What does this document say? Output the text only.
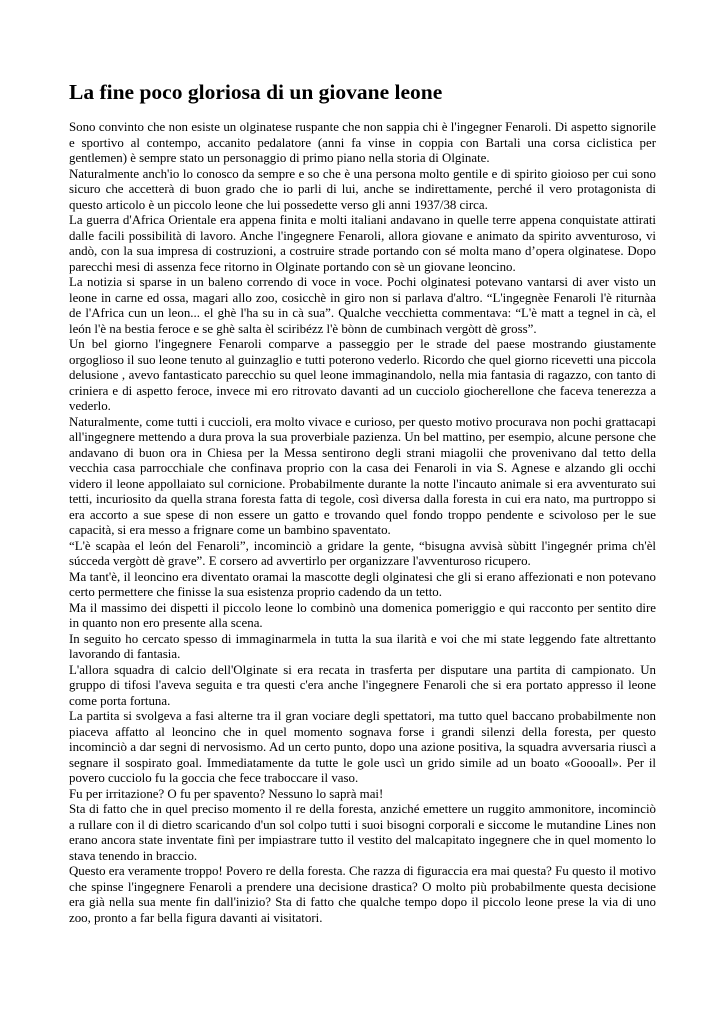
La fine poco gloriosa di un giovane leone

Sono convinto che non esiste un olginatese ruspante che non sappia chi è l'ingegner Fenaroli. Di aspetto signorile e sportivo al contempo, accanito pedalatore (anni fa vinse in coppia con Bartali una corsa ciclistica per gentlemen) è sempre stato un personaggio di primo piano nella storia di Olginate.

Naturalmente anch'io lo conosco da sempre e so che è una persona molto gentile e di spirito gioioso per cui sono sicuro che accetterà di buon grado che io parli di lui, anche se indirettamente, perché il vero protagonista di questo articolo è un piccolo leone che lui possedette verso gli anni 1937/38 circa.

La guerra d'Africa Orientale era appena finita e molti italiani andavano in quelle terre appena conquistate attirati dalle facili possibilità di lavoro. Anche l'ingegnere Fenaroli, allora giovane e animato da spirito avventuroso, vi andò, con la sua impresa di costruzioni, a costruire strade portando con sé molta mano d’opera olginatese. Dopo parecchi mesi di assenza fece ritorno in Olginate portando con sè un giovane leoncino.

La notizia si sparse in un baleno correndo di voce in voce. Pochi olginatesi potevano vantarsi di aver visto un leone in carne ed ossa, magari allo zoo, cosicchè in giro non si parlava d'altro. “L'ingegnèe Fenaroli l'è riturnàa de l'Africa cun un leon... el ghè l'ha su in cà sua”. Qualche vecchietta commentava: “L'è matt a tegnel in cà, el león l'è na bestia feroce e se ghè salta èl sciribézz l'è bònn de cumbinach vergòtt dè gross”.

Un bel giorno l'ingegnere Fenaroli comparve a passeggio per le strade del paese mostrando giustamente orgoglioso il suo leone tenuto al guinzaglio e tutti poterono vederlo. Ricordo che quel giorno ricevetti una piccola delusione , avevo fantasticato parecchio su quel leone immaginandolo, nella mia fantasia di ragazzo, con tanto di criniera e di aspetto feroce, invece mi ero ritrovato davanti ad un cucciolo giocherellone che faceva tenerezza a vederlo.

Naturalmente, come tutti i cuccioli, era molto vivace e curioso, per questo motivo procurava non pochi grattacapi all'ingegnere mettendo a dura prova la sua proverbiale pazienza. Un bel mattino, per esempio, alcune persone che andavano di buon ora in Chiesa per la Messa sentirono degli strani miagolii che provenivano dal tetto della vecchia casa parrocchiale che confinava proprio con la casa dei Fenaroli in via S. Agnese e alzando gli occhi videro il leone appollaiato sul cornicione. Probabilmente durante la notte l'incauto animale si era avventurato sui tetti, incuriosito da quella strana foresta fatta di tegole, così diversa dalla foresta in cui era nato, ma purtroppo si era accorto a sue spese di non essere un gatto e trovando quel fondo troppo pendente e scivoloso per le sue capacità, si era messo a frignare come un bambino spaventato.

“L'è scapàa el león del Fenaroli”, incominciò a gridare la gente, “bisugna avvisà sùbitt l'ingegnér prima ch'èl súcceda vergòtt dè grave”. E corsero ad avvertirlo per organizzare l'avventuroso ricupero.

Ma tant'è, il leoncino era diventato oramai la mascotte degli olginatesi che gli si erano affezionati e non potevano certo permettere che finisse la sua esistenza proprio cadendo da un tetto.

Ma il massimo dei dispetti il piccolo leone lo combinò una domenica pomeriggio e qui racconto per sentito dire in quanto non ero presente alla scena.

In seguito ho cercato spesso di immaginarmela in tutta la sua ilarità e voi che mi state leggendo fate altrettanto lavorando di fantasia.

L'allora squadra di calcio dell'Olginate si era recata in trasferta per disputare una partita di campionato. Un gruppo di tifosi l'aveva seguita e tra questi c'era anche l'ingegnere Fenaroli che si era portato appresso il leone come porta fortuna.

La partita si svolgeva a fasi alterne tra il gran vociare degli spettatori, ma tutto quel baccano probabilmente non piaceva affatto al leoncino che in quel momento sognava forse i grandi silenzi della foresta, per questo incominciò a dar segni di nervosismo. Ad un certo punto, dopo una azione positiva, la squadra avversaria riuscì a segnare il sospirato goal. Immediatamente da tutte le gole uscì un grido simile ad un boato «Goooall». Per il povero cucciolo fu la goccia che fece traboccare il vaso.

Fu per irritazione? O fu per spavento? Nessuno lo saprà mai!

Sta di fatto che in quel preciso momento il re della foresta, anziché emettere un ruggito ammonitore, incominciò a rullare con il di dietro scaricando d'un sol colpo tutti i suoi bisogni corporali e siccome le mutandine Lines non erano ancora state inventate finì per impiastrare tutto il vestito del malcapitato ingegnere che in quel momento lo stava tenendo in braccio.

Questo era veramente troppo! Povero re della foresta. Che razza di figuraccia era mai questa? Fu questo il motivo che spinse l'ingegnere Fenaroli a prendere una decisione drastica? O molto più probabilmente questa decisione era già nella sua mente fin dall'inizio? Sta di fatto che qualche tempo dopo il piccolo leone prese la via di uno zoo, pronto a far bella figura davanti ai visitatori.
